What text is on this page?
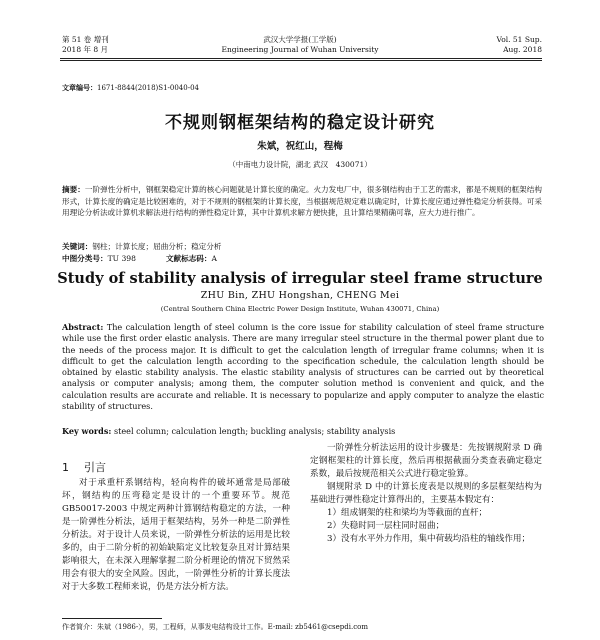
第 51 卷 增刊
2018 年 8 月
武汉大学学报(工学版)
Engineering Journal of Wuhan University
Vol. 51 Sup.
Aug. 2018
文章编号：1671-8844(2018)S1-0040-04
不规则钢框架结构的稳定设计研究
朱斌，祝红山，程梅
（中南电力设计院，湖北 武汉　430071）
摘要：一阶弹性分析中，钢框架稳定计算的核心问题就是计算长度的确定。火力发电厂中，很多钢结构由于工艺的需求，都是不规则的框架结构形式，计算长度的确定是比较困难的，对于不规则的钢框架的计算长度，当根据规范规定难以确定时，计算长度应通过弹性稳定分析获得。可采用理论分析法或计算机求解法进行结构的弹性稳定计算，其中计算机求解方便快捷，且计算结果精确可靠，应大力进行推广。
关键词：钢柱；计算长度；屈曲分析；稳定分析
中图分类号：TU 398	文献标志码：A
Study of stability analysis of irregular steel frame structure
ZHU Bin, ZHU Hongshan, CHENG Mei
(Central Southern China Electric Power Design Institute, Wuhan 430071, China)
Abstract: The calculation length of steel column is the core issue for stability calculation of steel frame structure while use the first order elastic analysis. There are many irregular steel structure in the thermal power plant due to the needs of the process major. It is difficult to get the calculation length of irregular frame columns; when it is difficult to get the calculation length according to the specification schedule, the calculation length should be obtained by elastic stability analysis. The elastic stability analysis of structures can be carried out by theoretical analysis or computer analysis; among them, the computer solution method is convenient and quick, and the calculation results are accurate and reliable. It is necessary to popularize and apply computer to analyze the elastic stability of structures.
Key words: steel column; calculation length; buckling analysis; stability analysis
1 引言
对于承重杆系钢结构，轻向构件的破坏通常是局部破坏，钢结构的压弯稳定是设计的一个重要环节。规范 GB50017-2003 中规定两种计算钢结构稳定的方法，一种是一阶弹性分析法，适用于框架结构，另外一种是二阶弹性分析法。对于设计人员来说，一阶弹性分析法的运用是比较多的，由于二阶分析的初始缺陷定义比较复杂且对计算结果影响很大，在未深入理解掌握二阶分析理论的情况下贸然采用会有很大的安全风险。因此，一阶弹性分析的计算长度法对于大多数工程师来说，仍是方法分析方法。

一阶弹性分析法运用的设计步骤是：先按钢规附录 D 确定钢框架柱的计算长度，然后再根据截面分类查表确定稳定系数，最后按规范相关公式进行稳定验算。

钢规附录 D 中的计算长度表是以规则的多层框架结构为基础进行弹性稳定计算得出的，主要基本假定有：

1）组成钢架的柱和梁均为等截面的直杆；

2）失稳时同一层柱同时屈曲；

3）没有水平外力作用，集中荷载均沿柱的轴线作用；

作者简介：朱斌（1986-），男，工程师，从事发电结构设计工作。E-mail: zb5461@csepdi.com
